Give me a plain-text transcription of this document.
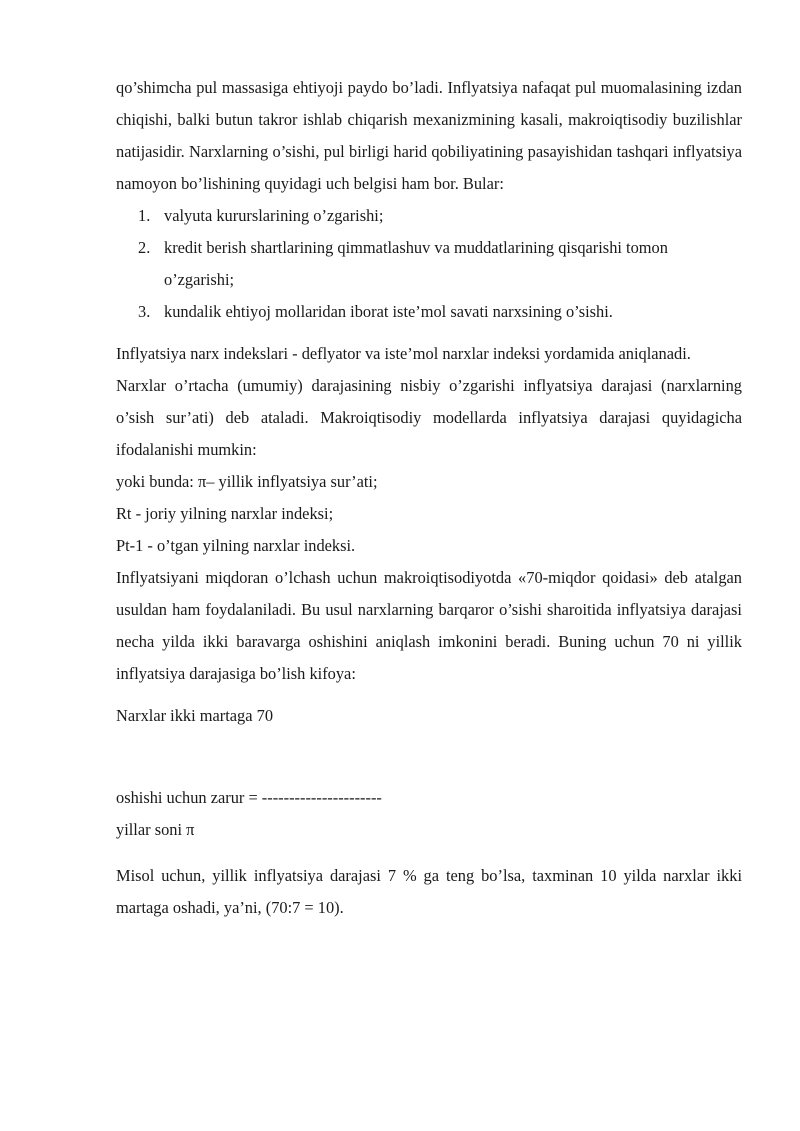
qo’shimcha pul massasiga ehtiyoji paydo bo’ladi. Inflyatsiya nafaqat pul muomalasining izdan chiqishi, balki butun takror ishlab chiqarish mexanizmining kasali, makroiqtisodiy buzilishlar natijasidir. Narxlarning o’sishi, pul birligi harid qobiliyatining pasayishidan tashqari inflyatsiya namoyon bo’lishining quyidagi uch belgisi ham bor. Bular:

1. valyuta kururslarining o’zgarishi;
2. kredit berish shartlarining qimmatlashuv va muddatlarining qisqarishi tomon o’zgarishi;
3. kundalik ehtiyoj mollaridan iborat iste’mol savati narxsining o’sishi.

Inflyatsiya narx indekslari - deflyator va iste’mol narxlar indeksi yordamida aniqlanadi.

Narxlar o’rtacha (umumiy) darajasining nisbiy o’zgarishi inflyatsiya darajasi (narxlarning o’sish sur’ati) deb ataladi. Makroiqtisodiy modellarda inflyatsiya darajasi quyidagicha ifodalanishi mumkin:

yoki bunda: π– yillik inflyatsiya sur’ati;

Rt - joriy yilning narxlar indeksi;

Pt-1 - o’tgan yilning narxlar indeksi.

Inflyatsiyani miqdoran o’lchash uchun makroiqtisodiyotda «70-miqdor qoidasi» deb atalgan usuldan ham foydalaniladi. Bu usul narxlarning barqaror o’sishi sharoitida inflyatsiya darajasi necha yilda ikki baravarga oshishini aniqlash imkonini beradi. Buning uchun 70 ni yillik inflyatsiya darajasiga bo’lish kifoya:

Narxlar ikki martaga 70

oshishi uchun zarur = ----------------------

yillar soni π

Misol uchun, yillik inflyatsiya darajasi 7 % ga teng bo’lsa, taxminan 10 yilda narxlar ikki martaga oshadi, ya’ni, (70:7 = 10).
